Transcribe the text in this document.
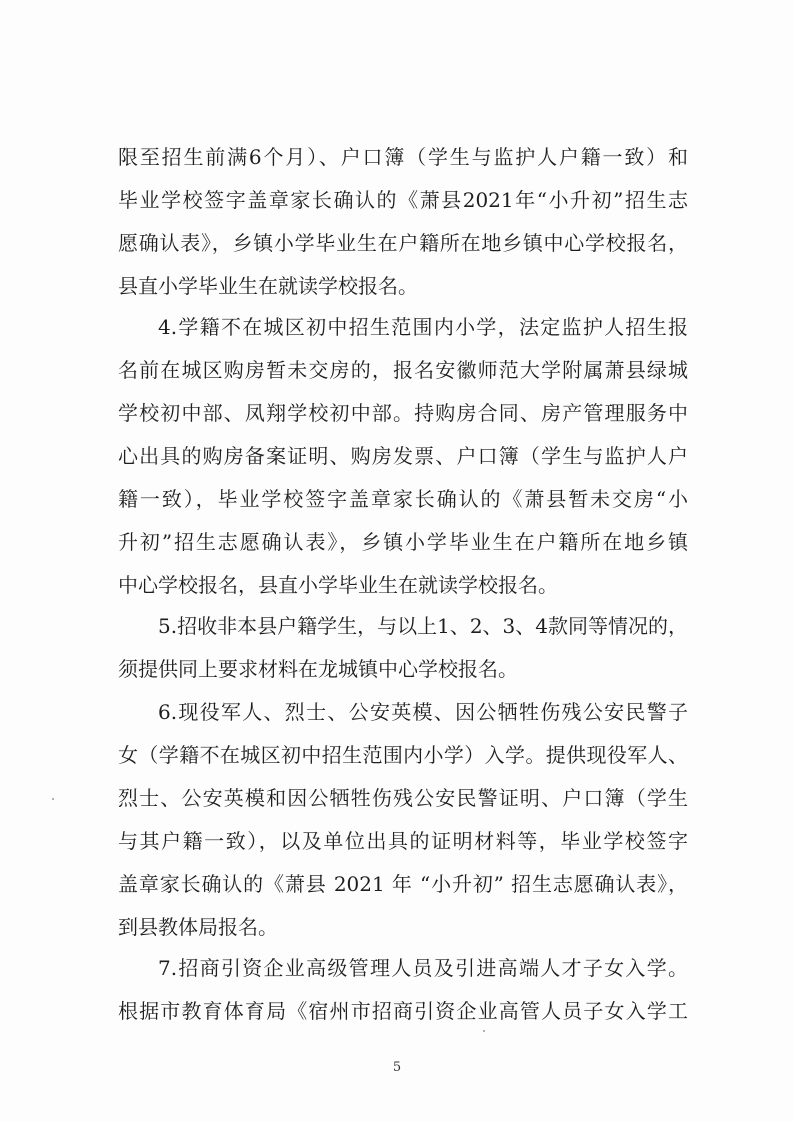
限至招生前满6个月）、户口簿（学生与监护人户籍一致）和
毕业学校签字盖章家长确认的《萧县2021年“小升初”招生志
愿确认表》，乡镇小学毕业生在户籍所在地乡镇中心学校报名，
县直小学毕业生在就读学校报名。
4.学籍不在城区初中招生范围内小学，法定监护人招生报
名前在城区购房暂未交房的，报名安徽师范大学附属萧县绿城
学校初中部、凤翔学校初中部。持购房合同、房产管理服务中
心出具的购房备案证明、购房发票、户口簿（学生与监护人户
籍一致），毕业学校签字盖章家长确认的《萧县暂未交房“小
升初”招生志愿确认表》，乡镇小学毕业生在户籍所在地乡镇
中心学校报名，县直小学毕业生在就读学校报名。
5.招收非本县户籍学生，与以上1、2、3、4款同等情况的，
须提供同上要求材料在龙城镇中心学校报名。
6.现役军人、烈士、公安英模、因公牺牲伤残公安民警子
女（学籍不在城区初中招生范围内小学）入学。提供现役军人、
烈士、公安英模和因公牺牲伤残公安民警证明、户口簿（学生
与其户籍一致），以及单位出具的证明材料等，毕业学校签字
盖章家长确认的《萧县 2021 年 “小升初” 招生志愿确认表》，
到县教体局报名。
7.招商引资企业高级管理人员及引进高端人才子女入学。
根据市教育体育局《宿州市招商引资企业高管人员子女入学工
5
